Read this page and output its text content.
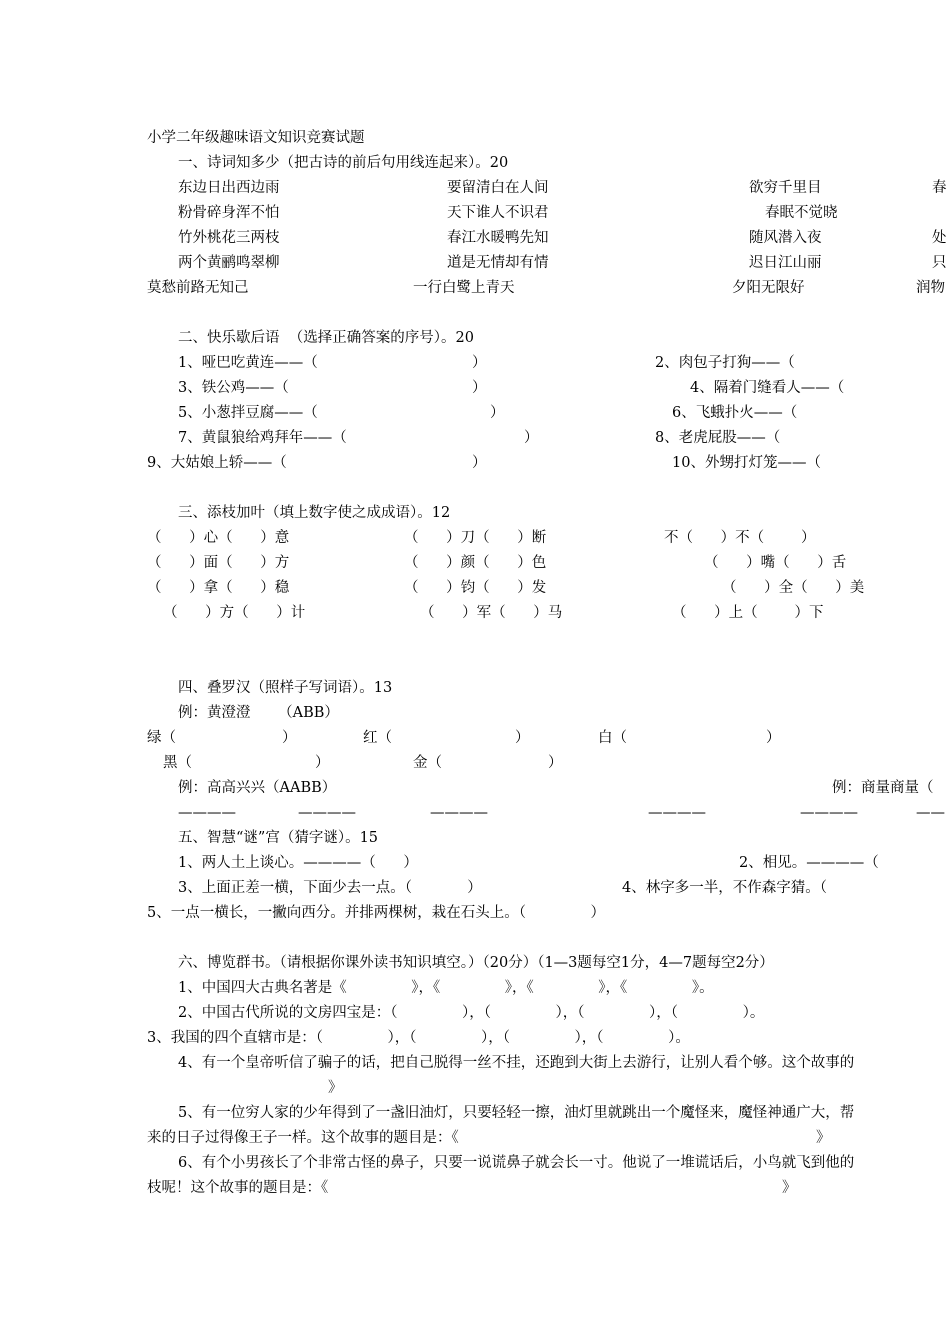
小学二年级趣味语文知识竞赛试题
一、诗词知多少（把古诗的前后句用线连起来）。20
东边日出西边雨	要留清白在人间	欲穷千里目	春
粉骨碎身浑不怕	天下谁人不识君	春眠不觉晓
竹外桃花三两枝	春江水暖鸭先知	随风潜入夜	处
两个黄鹂鸣翠柳	道是无情却有情	迟日江山丽	只
莫愁前路无知己	一行白鹭上青天	夕阳无限好	润物
二、快乐歇后语  （选择正确答案的序号）。20
1、哑巴吃黄连——（	）	2、肉包子打狗——（
3、铁公鸡——（	）	4、隔着门缝看人——（
5、小葱拌豆腐——（	）	6、飞蛾扑火——（
7、黄鼠狼给鸡拜年——（	）	8、老虎屁股——（
9、大姑娘上轿——（	）	10、外甥打灯笼——（
三、添枝加叶（填上数字使之成成语）。12
（      ）心（      ）意	（      ）刀（      ）断	不（      ）不（        ）
（      ）面（      ）方	（      ）颜（      ）色	（      ）嘴（      ）舌
（      ）拿（      ）稳	（      ）钧（      ）发	（      ）全（      ）美
（      ）方（      ）计	（      ）军（      ）马	（      ）上（        ）下
四、叠罗汉（照样子写词语）。13
例：黄澄澄      （ABB）
绿（	）	红（	）	白（	）
黑（	）	金（	）
例：高高兴兴（AABB）	例：商量商量（
————	————	————	————	————	——
五、智慧“谜”宫（猜字谜）。15
1、两人土上谈心。————（      ）	2、相见。————（
3、上面正差一横，下面少去一点。（            ）	4、林字多一半，不作森字猜。（
5、一点一横长，一撇向西分。并排两棵树，栽在石头上。（              ）
六、博览群书。（请根据你课外读书知识填空。）（20分）（1—3题每空1分，4—7题每空2分）
1、中国四大古典名著是《              》，《              》，《              》，《              》。
2、中国古代所说的文房四宝是：（              ），（              ），（              ），（              ）。
3、我国的四个直辖市是：（              ），（              ），（              ），（              ）。
4、有一个皇帝听信了骗子的话，把自己脱得一丝不挂，还跑到大街上去游行，让别人看个够。这个故事的
》
5、有一位穷人家的少年得到了一盏旧油灯，只要轻轻一擦，油灯里就跳出一个魔怪来，魔怪神通广大，帮
来的日子过得像王子一样。这个故事的题目是：《	》
6、有个小男孩长了个非常古怪的鼻子，只要一说谎鼻子就会长一寸。他说了一堆谎话后，小鸟就飞到他的
枝呢！这个故事的题目是：《	》
